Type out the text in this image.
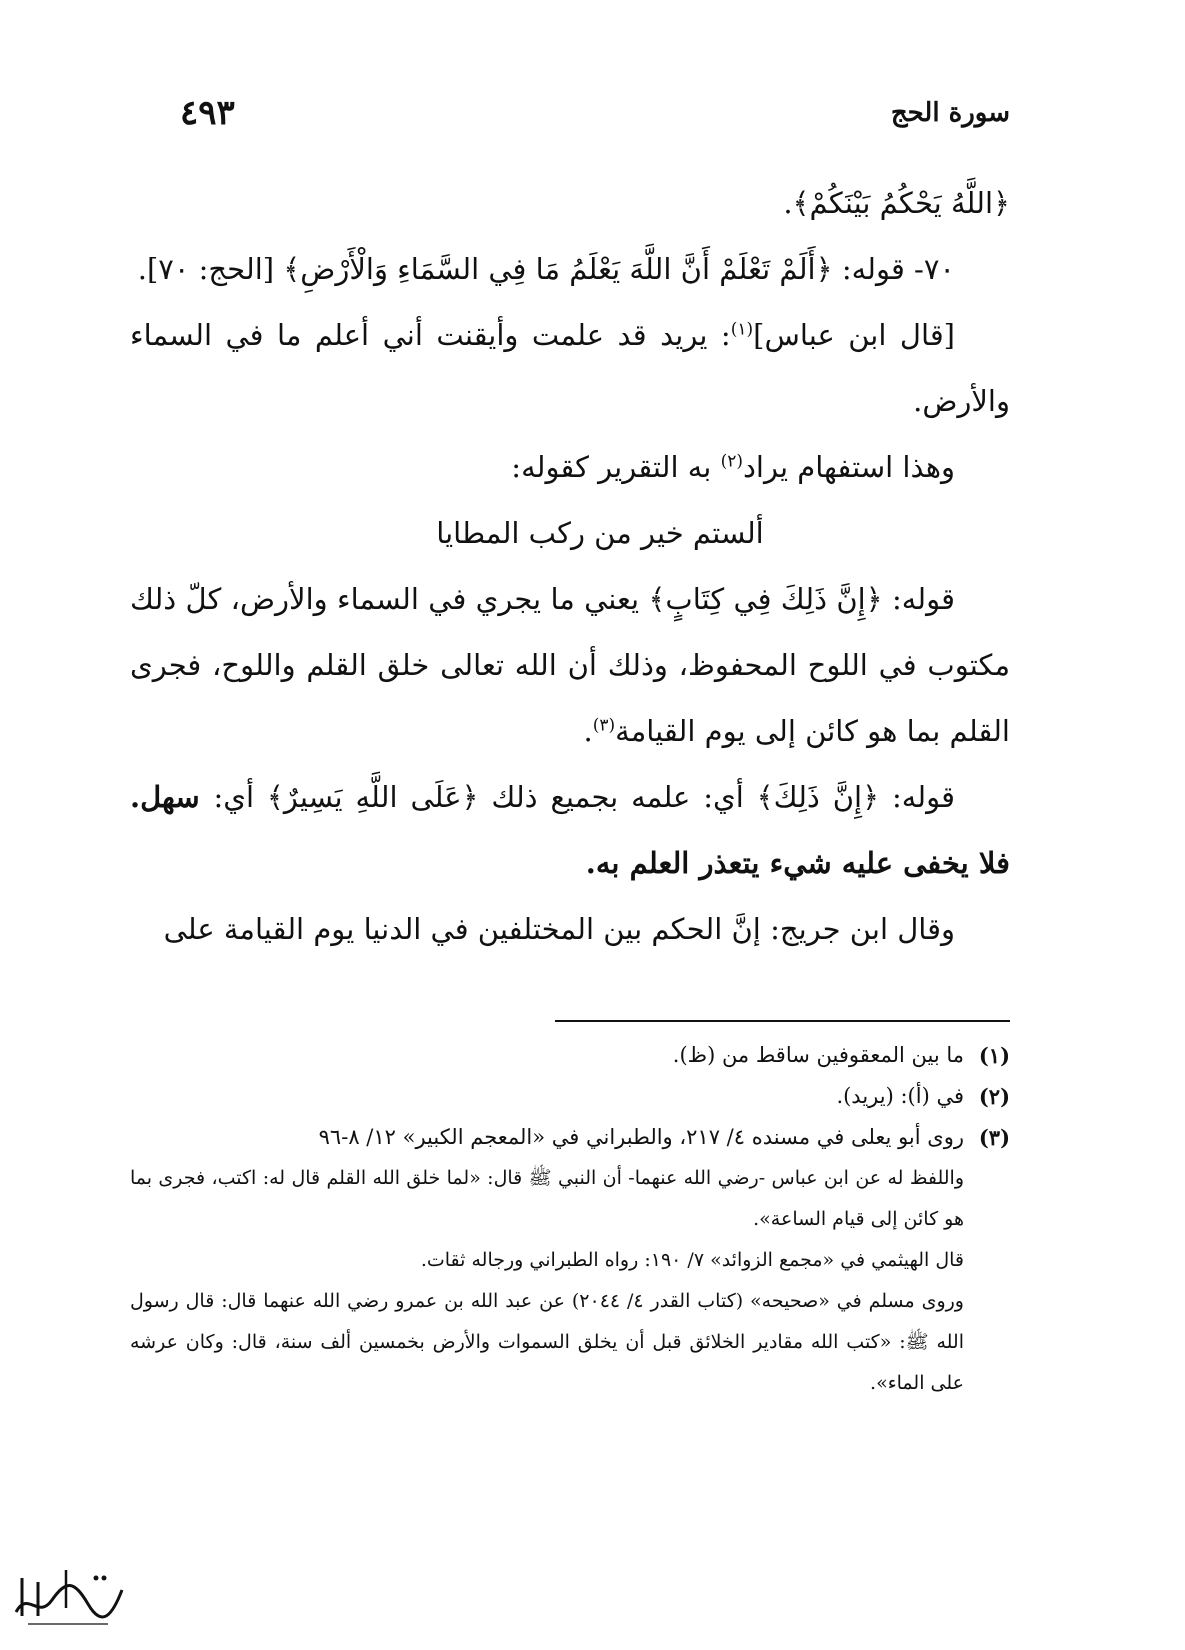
سورة الحج
٤٩٣

﴿اللَّهُ يَحْكُمُ بَيْنَكُمْ﴾.

٧٠- قوله: ﴿أَلَمْ تَعْلَمْ أَنَّ اللَّهَ يَعْلَمُ مَا فِي السَّمَاءِ وَالْأَرْضِ﴾ [الحج: ٧٠].

[قال ابن عباس]$^{(١)}$: يريد قد علمت وأيقنت أني أعلم ما في السماء والأرض.

وهذا استفهام يراد$^{(٢)}$ به التقرير كقوله:

ألستم خير من ركب المطايا

قوله: ﴿إِنَّ ذَلِكَ فِي كِتَابٍ﴾ يعني ما يجري في السماء والأرض، كلّ ذلك مكتوب في اللوح المحفوظ، وذلك أن الله تعالى خلق القلم واللوح، فجرى القلم بما هو كائن إلى يوم القيامة$^{(٣)}$.

قوله: ﴿إِنَّ ذَلِكَ﴾ أي: علمه بجميع ذلك ﴿عَلَى اللَّهِ يَسِيرٌ﴾ أي: سهل. فلا يخفى عليه شيء يتعذر العلم به.

وقال ابن جريج: إنَّ الحكم بين المختلفين في الدنيا يوم القيامة على

(١)

ما بين المعقوفين ساقط من (ظ).

(٢)

في (أ): (يريد).

(٣)

روى أبو يعلى في مسنده ٤/ ٢١٧، والطبراني في «المعجم الكبير» ١٢/ ٨-٩٦

واللفظ له عن ابن عباس -رضي الله عنهما- أن النبي ﷺ قال: «لما خلق الله القلم قال له: اكتب، فجرى بما هو كائن إلى قيام الساعة».

قال الهيثمي في «مجمع الزوائد» ٧/ ١٩٠: رواه الطبراني ورجاله ثقات.

وروى مسلم في «صحيحه» (كتاب القدر ٤/ ٢٠٤٤) عن عبد الله بن عمرو رضي الله عنهما قال: قال رسول الله ﷺ: «كتب الله مقادير الخلائق قبل أن يخلق السموات والأرض بخمسين ألف سنة، قال: وكان عرشه على الماء».
